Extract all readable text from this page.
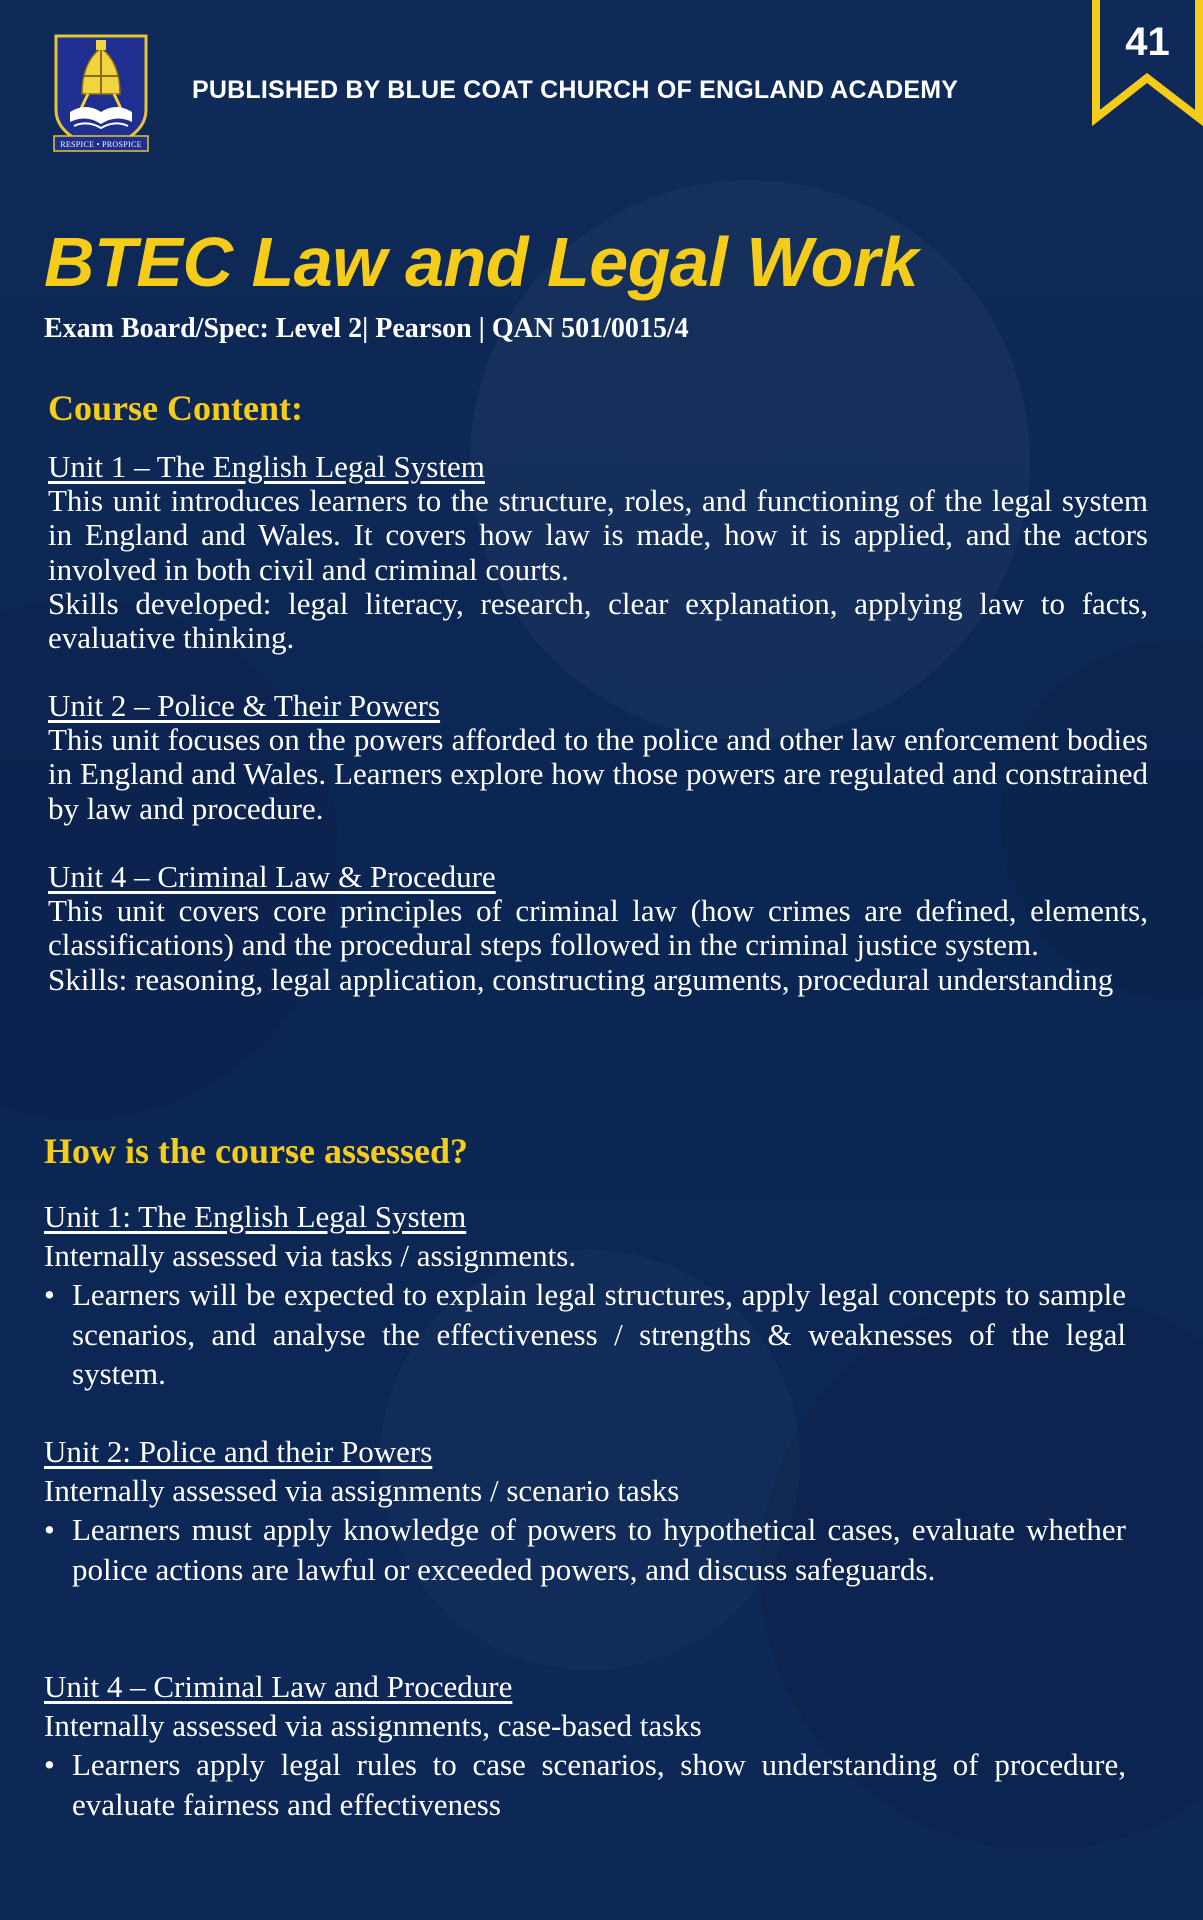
RESPICE • PROSPICE
PUBLISHED BY BLUE COAT CHURCH OF ENGLAND ACADEMY
41
BTEC Law and Legal Work
Exam Board/Spec: Level 2| Pearson | QAN 501/0015/4
Course Content:
Unit 1 – The English Legal System

This unit introduces learners to the structure, roles, and functioning of the legal system in England and Wales. It covers how law is made, how it is applied, and the actors involved in both civil and criminal courts.

Skills developed: legal literacy, research, clear explanation, applying law to facts, evaluative thinking.

Unit 2 – Police & Their Powers

This unit focuses on the powers afforded to the police and other law enforcement bodies in England and Wales. Learners explore how those powers are regulated and constrained by law and procedure.

Unit 4 – Criminal Law & Procedure

This unit covers core principles of criminal law (how crimes are defined, elements, classifications) and the procedural steps followed in the criminal justice system.

Skills: reasoning, legal application, constructing arguments, procedural understanding

How is the course assessed?
Unit 1: The English Legal System

Internally assessed via tasks / assignments.

• Learners will be expected to explain legal structures, apply legal concepts to sample scenarios, and analyse the effectiveness / strengths & weaknesses of the legal system.
Unit 2: Police and their Powers

Internally assessed via assignments / scenario tasks

• Learners must apply knowledge of powers to hypothetical cases, evaluate whether police actions are lawful or exceeded powers, and discuss safeguards.
Unit 4 – Criminal Law and Procedure

Internally assessed via assignments, case-based tasks

• Learners apply legal rules to case scenarios, show understanding of procedure, evaluate fairness and effectiveness
